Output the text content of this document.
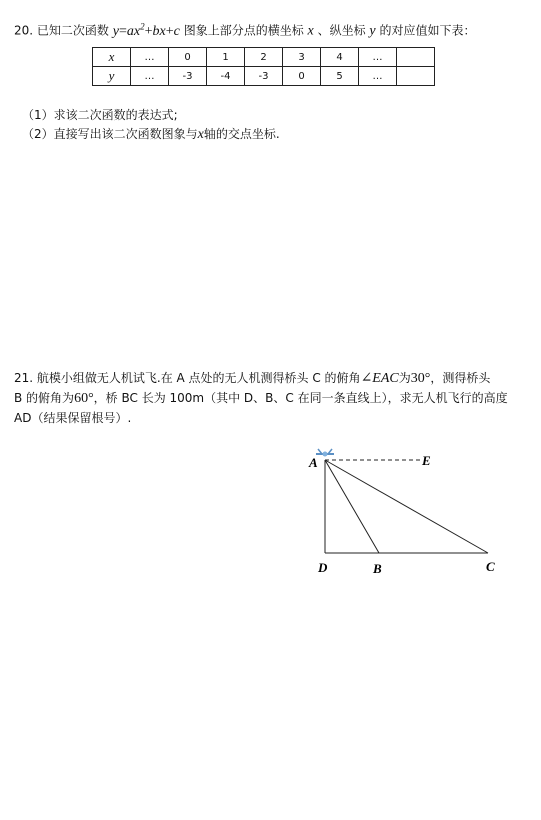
20. 已知二次函数 $y=ax^2+bx+c$ 图象上部分点的横坐标 x 、纵坐标 y 的对应值如下表：
x	…	0	1	2	3	4	…	
y	…	-3	-4	-3	0	5	…	
（1）求该二次函数的表达式;
（2）直接写出该二次函数图象与x轴的交点坐标.
21. 航模小组做无人机试飞.在 A 点处的无人机测得桥头 C 的俯角∠EAC为30°，测得桥头
B 的俯角为60°，桥 BC 长为 100m（其中 D、B、C 在同一条直线上），求无人机飞行的高度
AD（结果保留根号）.
A	E
D	B	C
